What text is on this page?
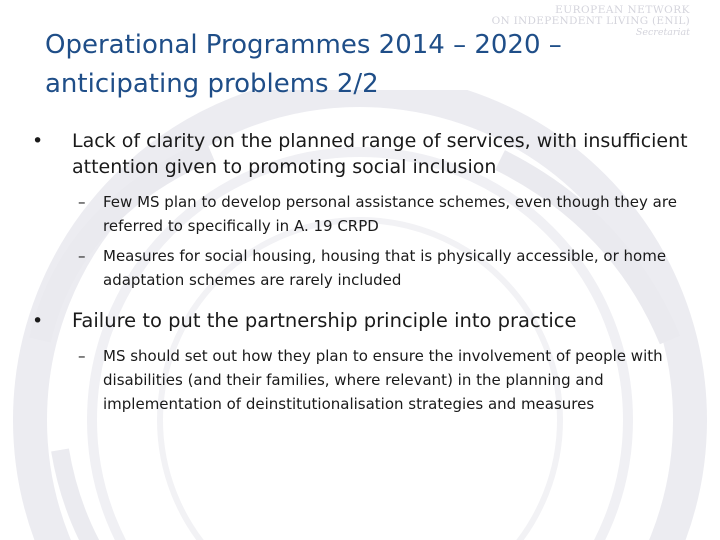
EUROPEAN NETWORK
ON INDEPENDENT LIVING (ENIL)
Secretariat
Operational Programmes 2014 – 2020 –
anticipating problems 2/2
• Lack of clarity on the planned range of services, with insufficient attention given to promoting social inclusion
– Few MS plan to develop personal assistance schemes, even though they are referred to specifically in A. 19 CRPD
– Measures for social housing, housing that is physically accessible, or home adaptation schemes are rarely included
• Failure to put the partnership principle into practice
– MS should set out how they plan to ensure the involvement of people with disabilities (and their families, where relevant) in the planning and implementation of deinstitutionalisation strategies and measures
